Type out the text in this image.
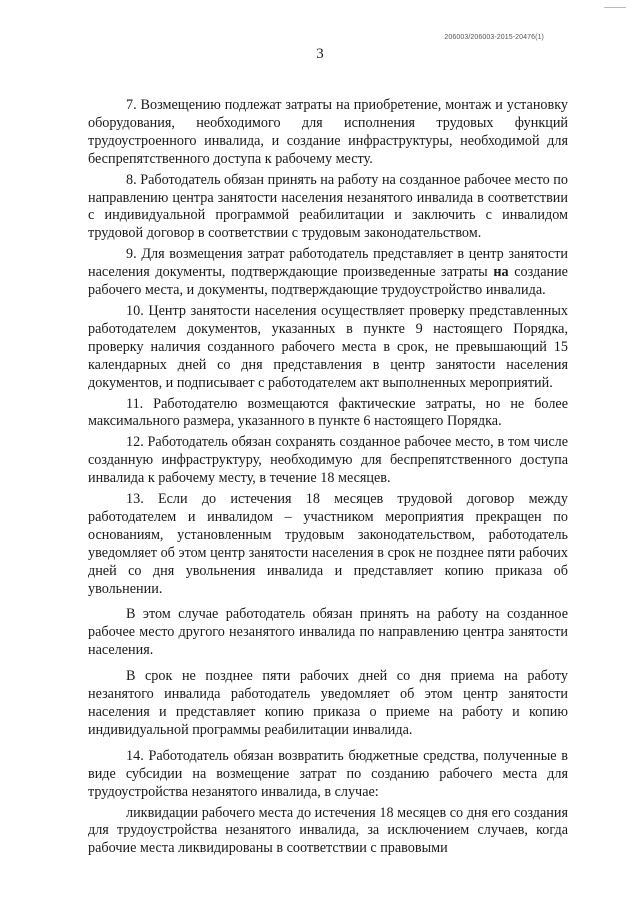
206003/206003-2015-20476(1)
3

7. Возмещению подлежат затраты на приобретение, монтаж и установку оборудования, необходимого для исполнения трудовых функций трудоустроенного инвалида, и создание инфраструктуры, необходимой для беспрепятственного доступа к рабочему месту.

8. Работодатель обязан принять на работу на созданное рабочее место по направлению центра занятости населения незанятого инвалида в соответствии с индивидуальной программой реабилитации и заключить с инвалидом трудовой договор в соответствии с трудовым законодательством.

9. Для возмещения затрат работодатель представляет в центр занятости населения документы, подтверждающие произведенные затраты на создание рабочего места, и документы, подтверждающие трудоустройство инвалида.

10. Центр занятости населения осуществляет проверку представленных работодателем документов, указанных в пункте 9 настоящего Порядка, проверку наличия созданного рабочего места в срок, не превышающий 15 календарных дней со дня представления в центр занятости населения документов, и подписывает с работодателем акт выполненных мероприятий.

11. Работодателю возмещаются фактические затраты, но не более максимального размера, указанного в пункте 6 настоящего Порядка.

12. Работодатель обязан сохранять созданное рабочее место, в том числе созданную инфраструктуру, необходимую для беспрепятственного доступа инвалида к рабочему месту, в течение 18 месяцев.

13. Если до истечения 18 месяцев трудовой договор между работодателем и инвалидом – участником мероприятия прекращен по основаниям, установленным трудовым законодательством, работодатель уведомляет об этом центр занятости населения в срок не позднее пяти рабочих дней со дня увольнения инвалида и представляет копию приказа об увольнении.

В этом случае работодатель обязан принять на работу на созданное рабочее место другого незанятого инвалида по направлению центра занятости населения.

В срок не позднее пяти рабочих дней со дня приема на работу незанятого инвалида работодатель уведомляет об этом центр занятости населения и представляет копию приказа о приеме на работу и копию индивидуальной программы реабилитации инвалида.

14. Работодатель обязан возвратить бюджетные средства, полученные в виде субсидии на возмещение затрат по созданию рабочего места для трудоустройства незанятого инвалида, в случае:

ликвидации рабочего места до истечения 18 месяцев со дня его создания для трудоустройства незанятого инвалида, за исключением случаев, когда рабочие места ликвидированы в соответствии с правовыми
